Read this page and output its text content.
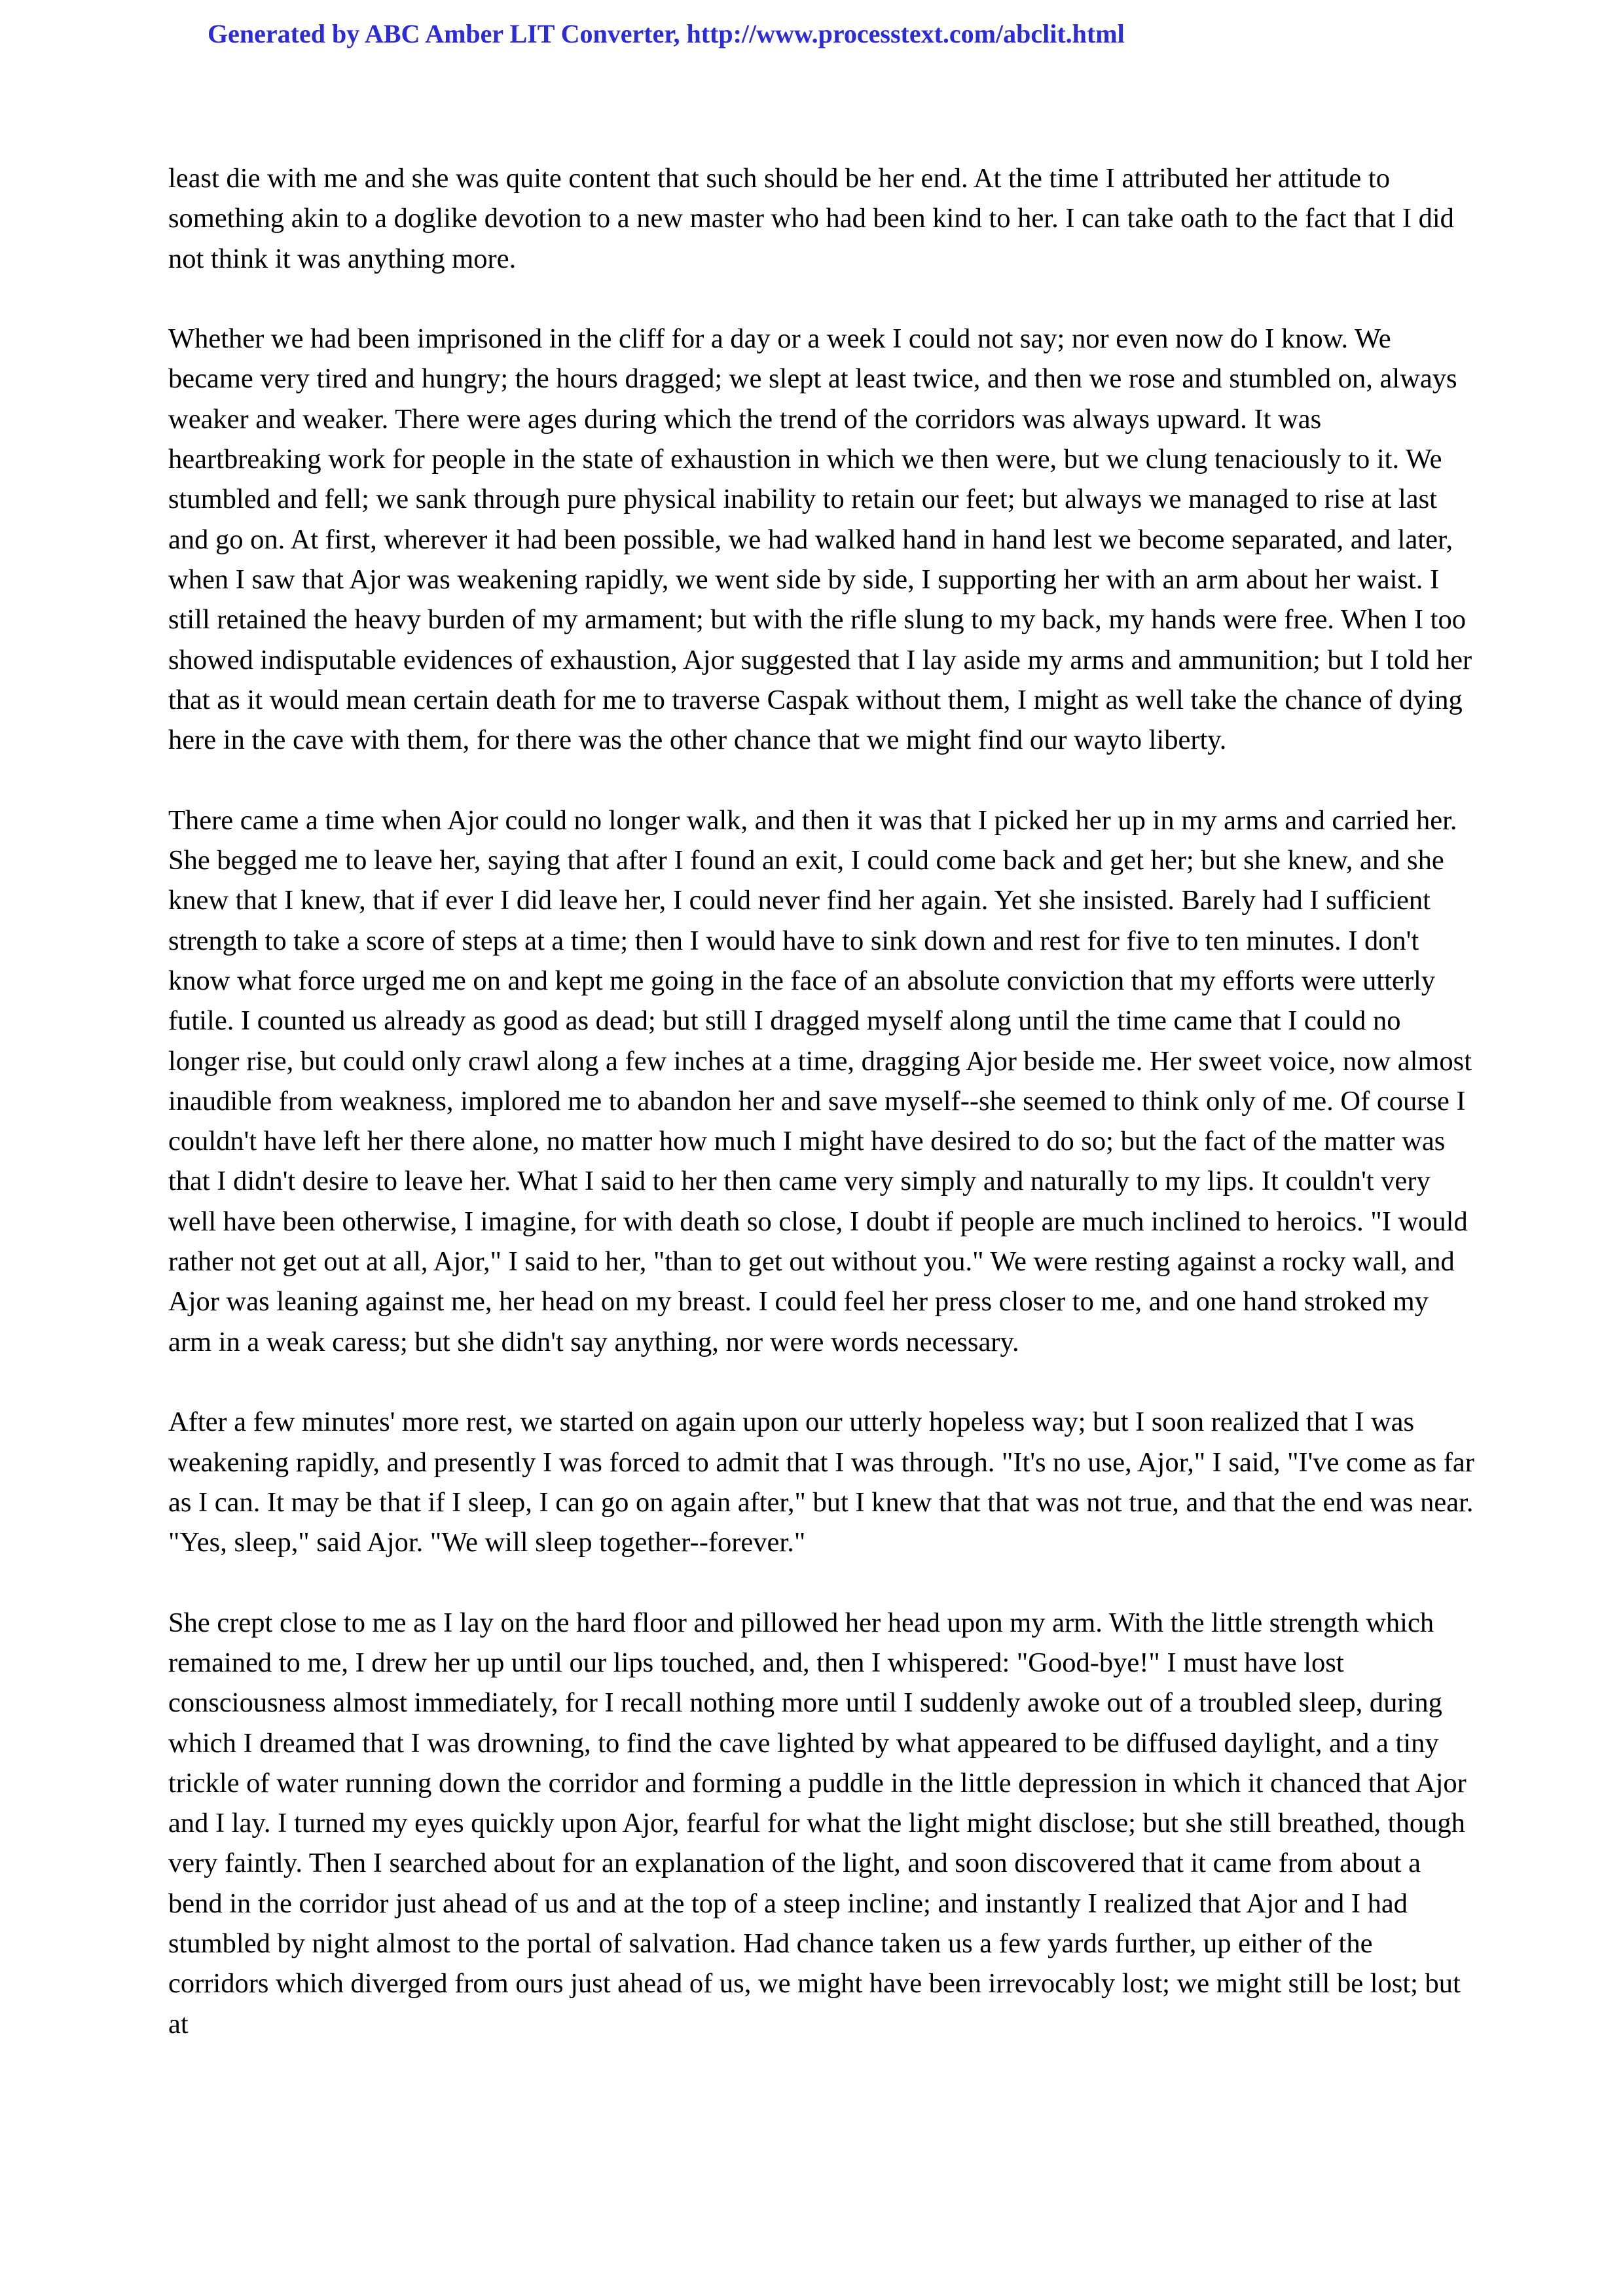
Generated by ABC Amber LIT Converter, http://www.processtext.com/abclit.html

least die with me and she was quite content that such should be her end. At the time I attributed her attitude to something akin to a doglike devotion to a new master who had been kind to her. I can take oath to the fact that I did not think it was anything more.

Whether we had been imprisoned in the cliff for a day or a week I could not say; nor even now do I know. We became very tired and hungry; the hours dragged; we slept at least twice, and then we rose and stumbled on, always weaker and weaker. There were ages during which the trend of the corridors was always upward. It was heartbreaking work for people in the state of exhaustion in which we then were, but we clung tenaciously to it. We stumbled and fell; we sank through pure physical inability to retain our feet; but always we managed to rise at last and go on. At first, wherever it had been possible, we had walked hand in hand lest we become separated, and later, when I saw that Ajor was weakening rapidly, we went side by side, I supporting her with an arm about her waist. I still retained the heavy burden of my armament; but with the rifle slung to my back, my hands were free. When I too showed indisputable evidences of exhaustion, Ajor suggested that I lay aside my arms and ammunition; but I told her that as it would mean certain death for me to traverse Caspak without them, I might as well take the chance of dying here in the cave with them, for there was the other chance that we might find our wayto liberty.

There came a time when Ajor could no longer walk, and then it was that I picked her up in my arms and carried her. She begged me to leave her, saying that after I found an exit, I could come back and get her; but she knew, and she knew that I knew, that if ever I did leave her, I could never find her again. Yet she insisted. Barely had I sufficient strength to take a score of steps at a time; then I would have to sink down and rest for five to ten minutes. I don't know what force urged me on and kept me going in the face of an absolute conviction that my efforts were utterly futile. I counted us already as good as dead; but still I dragged myself along until the time came that I could no longer rise, but could only crawl along a few inches at a time, dragging Ajor beside me. Her sweet voice, now almost inaudible from weakness, implored me to abandon her and save myself--she seemed to think only of me. Of course I couldn't have left her there alone, no matter how much I might have desired to do so; but the fact of the matter was that I didn't desire to leave her. What I said to her then came very simply and naturally to my lips. It couldn't very well have been otherwise, I imagine, for with death so close, I doubt if people are much inclined to heroics. "I would rather not get out at all, Ajor," I said to her, "than to get out without you." We were resting against a rocky wall, and Ajor was leaning against me, her head on my breast. I could feel her press closer to me, and one hand stroked my arm in a weak caress; but she didn't say anything, nor were words necessary.

After a few minutes' more rest, we started on again upon our utterly hopeless way; but I soon realized that I was weakening rapidly, and presently I was forced to admit that I was through. "It's no use, Ajor," I said, "I've come as far as I can. It may be that if I sleep, I can go on again after," but I knew that that was not true, and that the end was near. "Yes, sleep," said Ajor. "We will sleep together--forever."

She crept close to me as I lay on the hard floor and pillowed her head upon my arm. With the little strength which remained to me, I drew her up until our lips touched, and, then I whispered: "Good-bye!" I must have lost consciousness almost immediately, for I recall nothing more until I suddenly awoke out of a troubled sleep, during which I dreamed that I was drowning, to find the cave lighted by what appeared to be diffused daylight, and a tiny trickle of water running down the corridor and forming a puddle in the little depression in which it chanced that Ajor and I lay. I turned my eyes quickly upon Ajor, fearful for what the light might disclose; but she still breathed, though very faintly. Then I searched about for an explanation of the light, and soon discovered that it came from about a bend in the corridor just ahead of us and at the top of a steep incline; and instantly I realized that Ajor and I had stumbled by night almost to the portal of salvation. Had chance taken us a few yards further, up either of the corridors which diverged from ours just ahead of us, we might have been irrevocably lost; we might still be lost; but at
